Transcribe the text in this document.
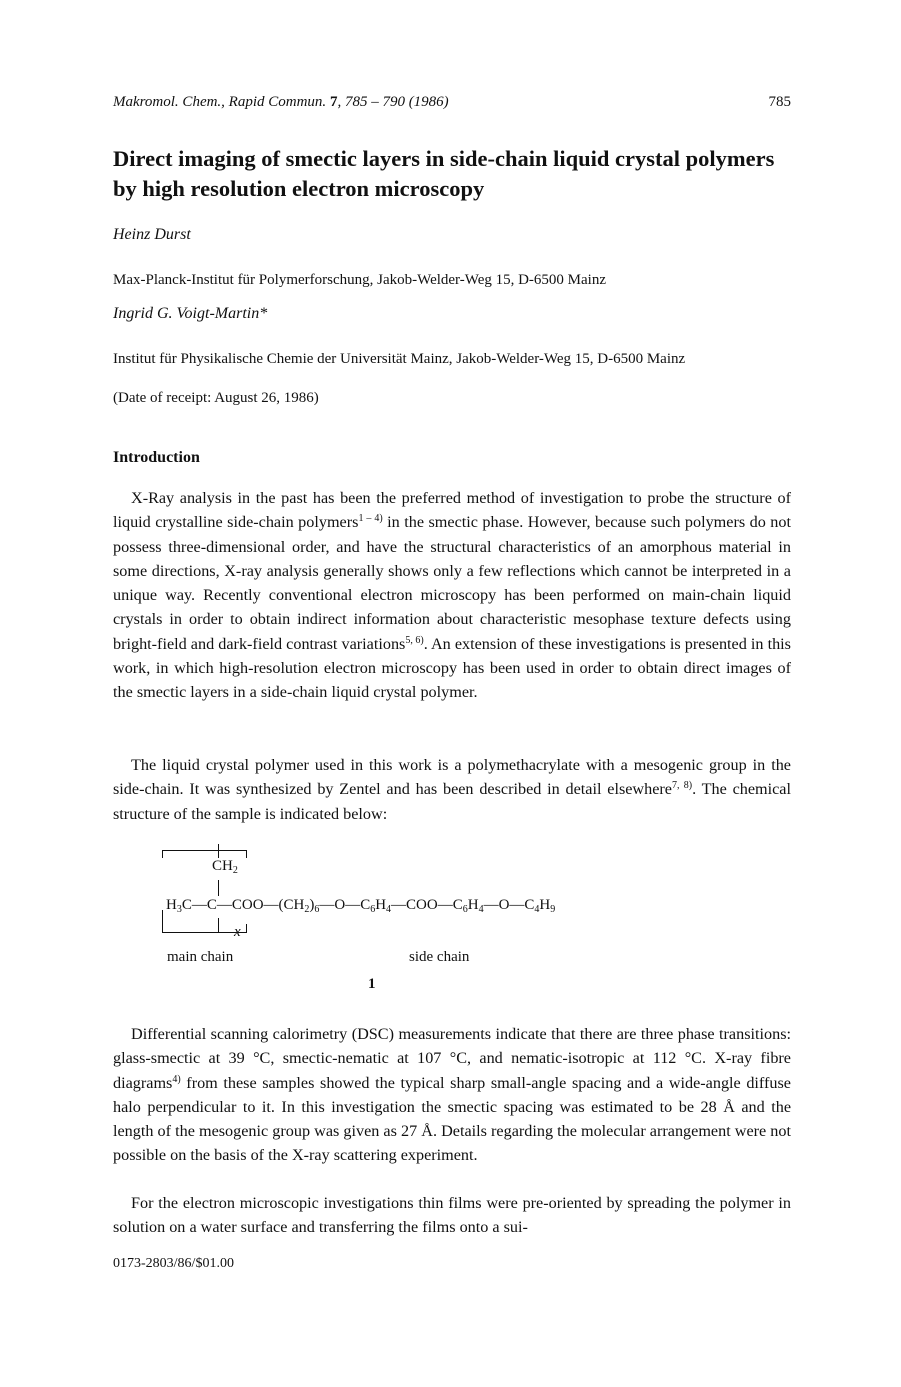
Makromol. Chem., Rapid Commun. 7, 785 – 790 (1986)	785
Direct imaging of smectic layers in side-chain liquid crystal polymers by high resolution electron microscopy
Heinz Durst
Max-Planck-Institut für Polymerforschung, Jakob-Welder-Weg 15, D-6500 Mainz
Ingrid G. Voigt-Martin*
Institut für Physikalische Chemie der Universität Mainz, Jakob-Welder-Weg 15, D-6500 Mainz
(Date of receipt: August 26, 1986)
Introduction

X-Ray analysis in the past has been the preferred method of investigation to probe the structure of liquid crystalline side-chain polymers$^{1 - 4)}$ in the smectic phase. However, because such polymers do not possess three-dimensional order, and have the structural characteristics of an amorphous material in some directions, X-ray analysis generally shows only a few reflections which cannot be interpreted in a unique way. Recently conventional electron microscopy has been performed on main-chain liquid crystals in order to obtain indirect information about characteristic mesophase texture defects using bright-field and dark-field contrast variations$^{5, 6)}$. An extension of these investigations is presented in this work, in which high-resolution electron microscopy has been used in order to obtain direct images of the smectic layers in a side-chain liquid crystal polymer.

The liquid crystal polymer used in this work is a polymethacrylate with a mesogenic group in the side-chain. It was synthesized by Zentel and has been described in detail elsewhere$^{7, 8)}$. The chemical structure of the sample is indicated below:

$CH_2$
$H_3C—C—COO—(CH_2)_6—O—C_6H_4—COO—C_6H_4—O—C_4H_9$
x
main chain	side chain
1

Differential scanning calorimetry (DSC) measurements indicate that there are three phase transitions: glass-smectic at 39 °C, smectic-nematic at 107 °C, and nematic-isotropic at 112 °C. X-ray fibre diagrams$^{4)}$ from these samples showed the typical sharp small-angle spacing and a wide-angle diffuse halo perpendicular to it. In this investigation the smectic spacing was estimated to be 28 Å and the length of the mesogenic group was given as 27 Å. Details regarding the molecular arrangement were not possible on the basis of the X-ray scattering experiment.

For the electron microscopic investigations thin films were pre-oriented by spreading the polymer in solution on a water surface and transferring the films onto a sui-

0173-2803/86/$01.00
